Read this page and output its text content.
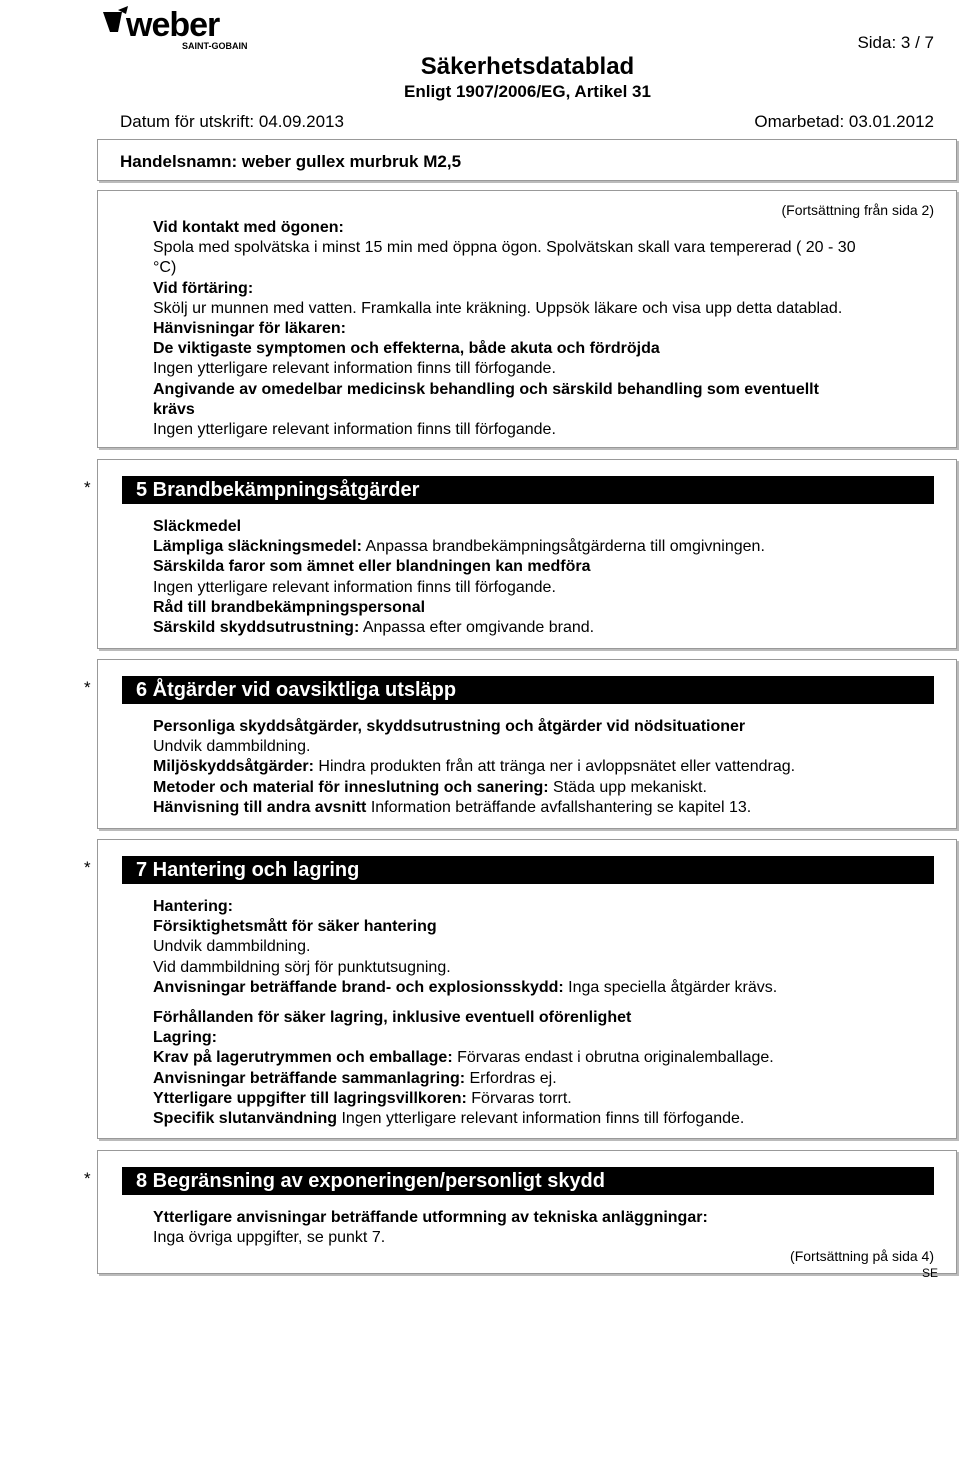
weber
SAINT-GOBAIN	Sida: 3 / 7
Säkerhetsdatablad
Enligt 1907/2006/EG, Artikel 31
Datum för utskrift: 04.09.2013	Omarbetad: 03.01.2012
Handelsnamn: weber gullex murbruk M2,5
(Fortsättning från sida 2)
Vid kontakt med ögonen:
Spola med spolvätska i minst 15 min med öppna ögon. Spolvätskan skall vara tempererad ( 20 - 30
°C)
Vid förtäring:
Skölj ur munnen med vatten. Framkalla inte kräkning. Uppsök läkare och visa upp detta datablad.
Hänvisningar för läkaren:
De viktigaste symptomen och effekterna, både akuta och fördröjda
Ingen ytterligare relevant information finns till förfogande.
Angivande av omedelbar medicinsk behandling och särskild behandling som eventuellt
krävs
Ingen ytterligare relevant information finns till förfogande.
*	5 Brandbekämpningsåtgärder
Släckmedel
Lämpliga släckningsmedel: Anpassa brandbekämpningsåtgärderna till omgivningen.
Särskilda faror som ämnet eller blandningen kan medföra
Ingen ytterligare relevant information finns till förfogande.
Råd till brandbekämpningspersonal
Särskild skyddsutrustning: Anpassa efter omgivande brand.
*	6 Åtgärder vid oavsiktliga utsläpp
Personliga skyddsåtgärder, skyddsutrustning och åtgärder vid nödsituationer
Undvik dammbildning.
Miljöskyddsåtgärder: Hindra produkten från att tränga ner i avloppsnätet eller vattendrag.
Metoder och material för inneslutning och sanering: Städa upp mekaniskt.
Hänvisning till andra avsnitt Information beträffande avfallshantering se kapitel 13.
*	7 Hantering och lagring
Hantering:
Försiktighetsmått för säker hantering
Undvik dammbildning.
Vid dammbildning sörj för punktutsugning.
Anvisningar beträffande brand- och explosionsskydd: Inga speciella åtgärder krävs.
Förhållanden för säker lagring, inklusive eventuell oförenlighet
Lagring:
Krav på lagerutrymmen och emballage: Förvaras endast i obrutna originalemballage.
Anvisningar beträffande sammanlagring: Erfordras ej.
Ytterligare uppgifter till lagringsvillkoren: Förvaras torrt.
Specifik slutanvändning Ingen ytterligare relevant information finns till förfogande.
*	8 Begränsning av exponeringen/personligt skydd
Ytterligare anvisningar beträffande utformning av tekniska anläggningar:
Inga övriga uppgifter, se punkt 7.
(Fortsättning på sida 4)
SE
